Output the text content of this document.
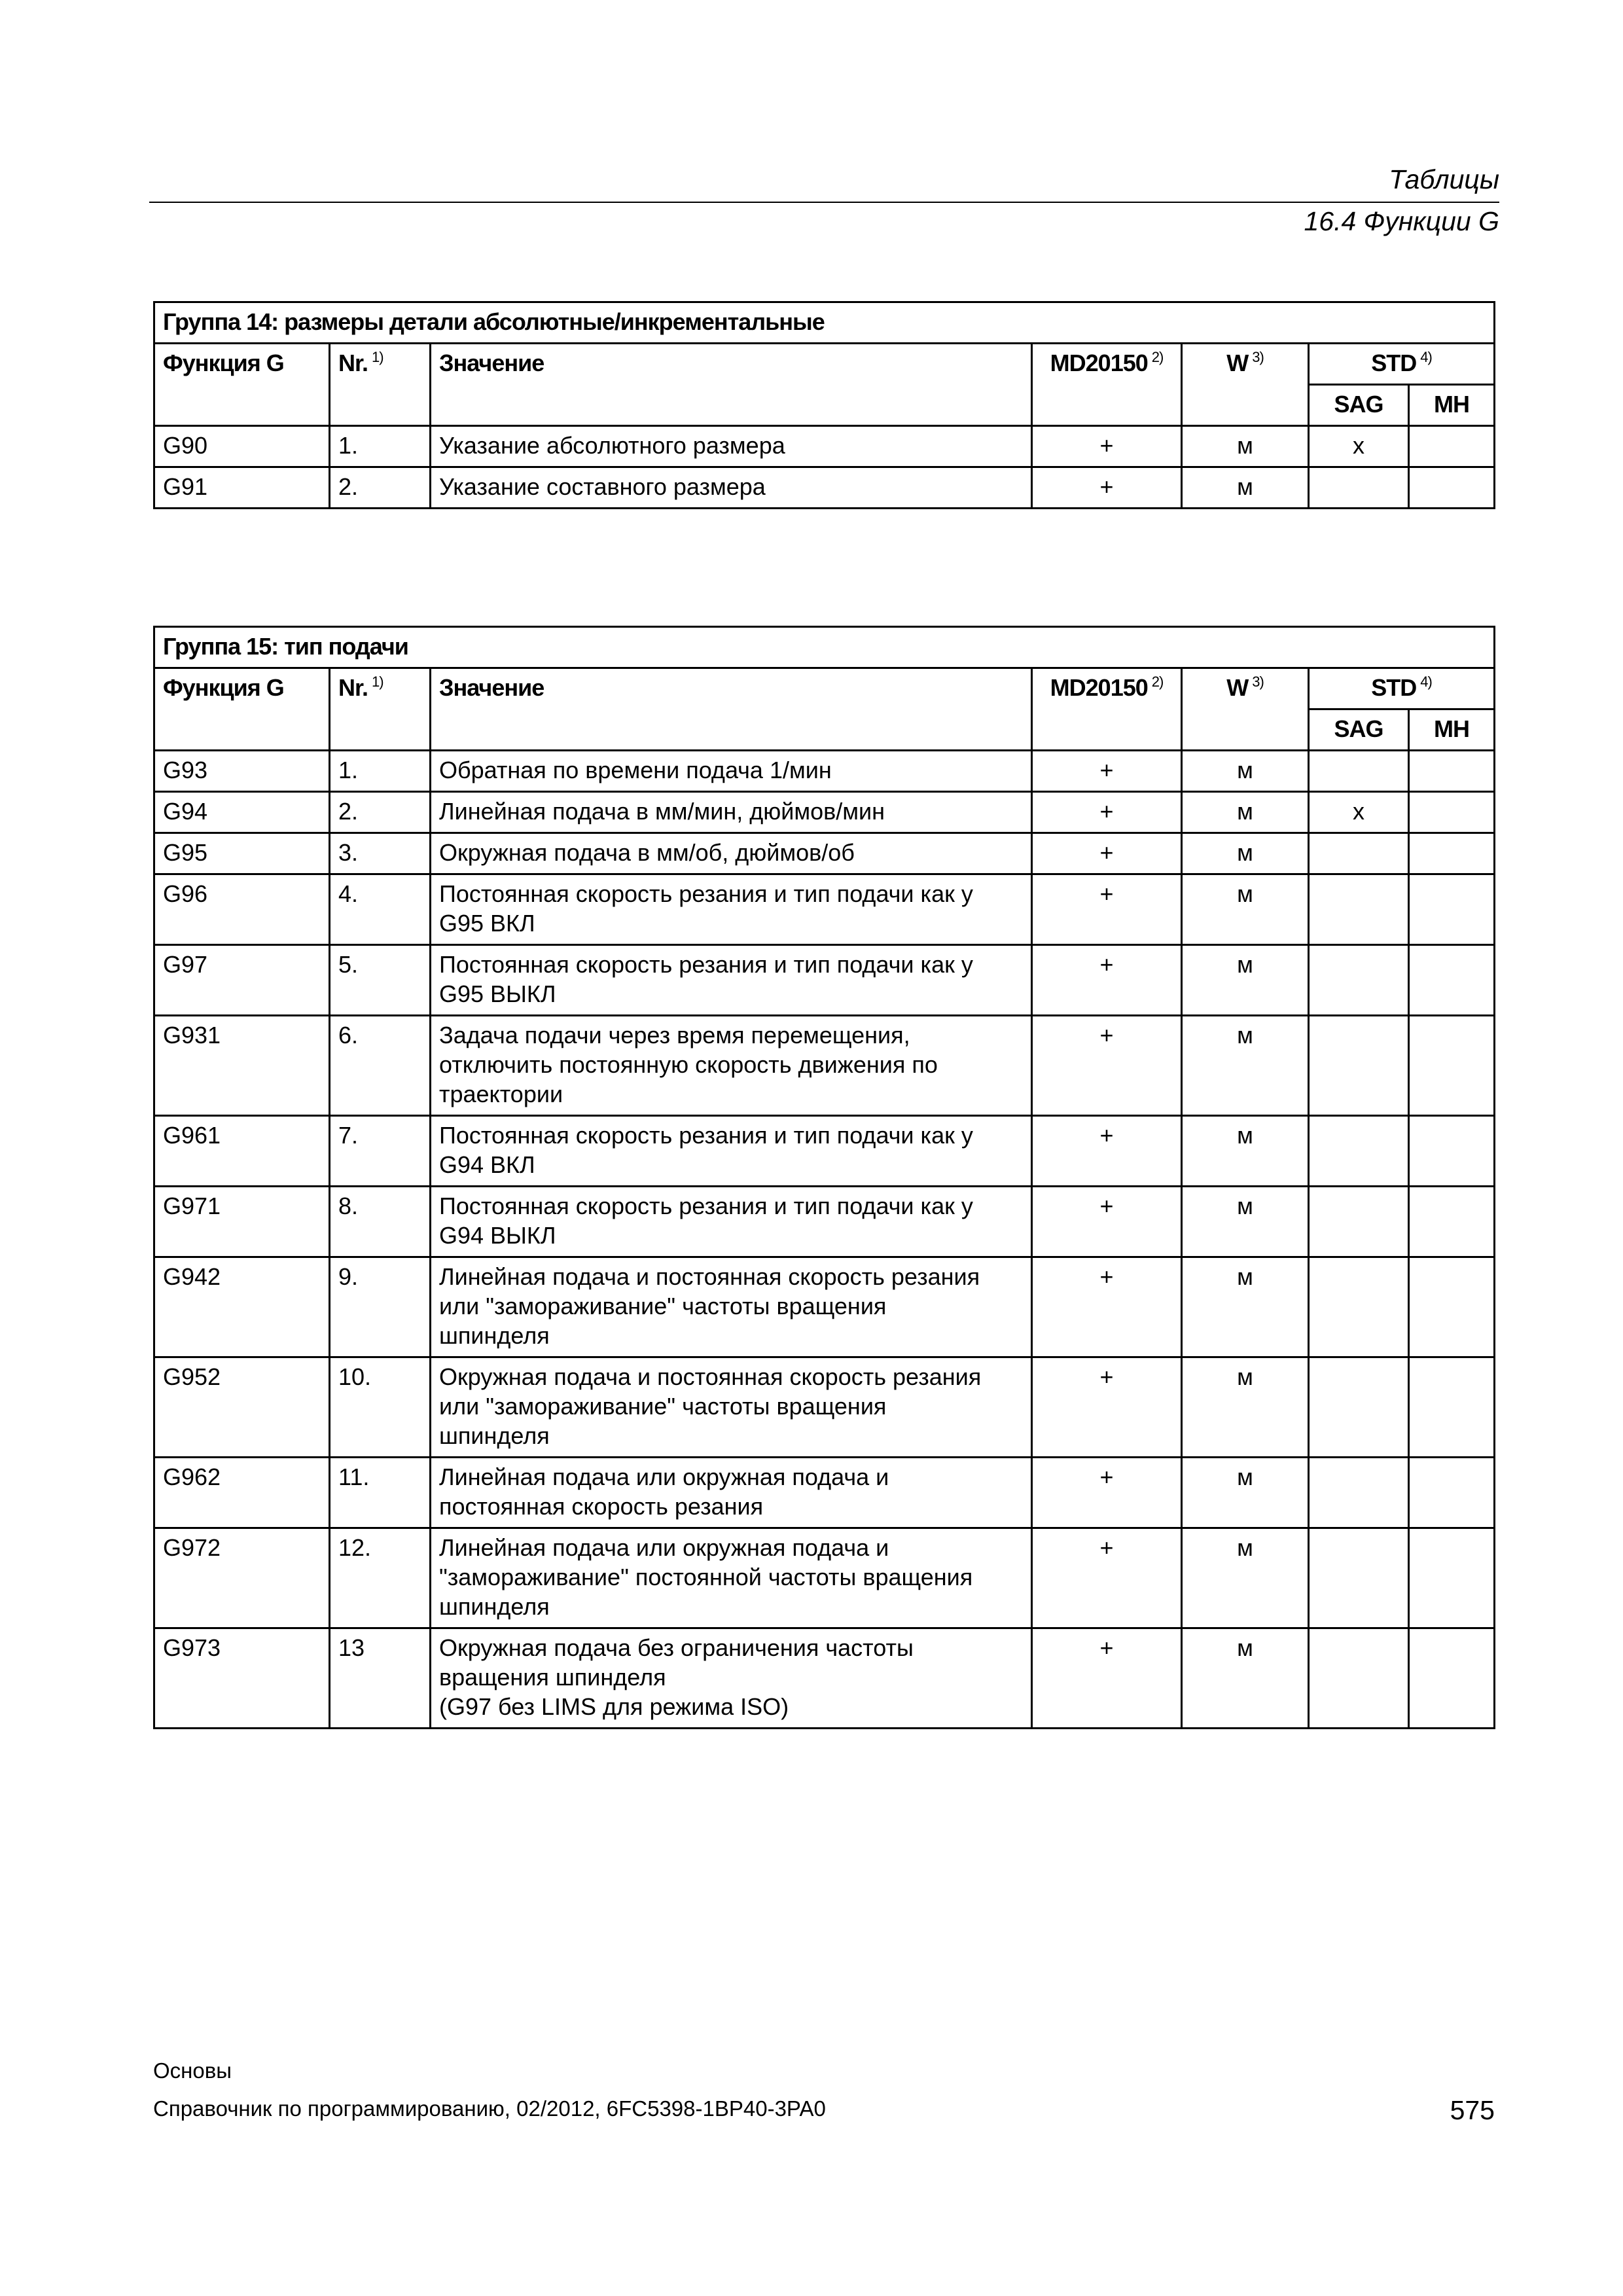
Таблицы
16.4 Функции G
Группа 14: размеры детали абсолютные/инкрементальные						
Функция G	Nr. $^{1)}$	Значение	MD20150 $^{2)}$	W $^{3)}$	STD $^{4)}$
					SAG	MH
G90	1.	Указание абсолютного размера	+	м	x	
G91	2.	Указание составного размера	+	м		
Группа 15: тип подачи						
Функция G	Nr. $^{1)}$	Значение	MD20150 $^{2)}$	W $^{3)}$	STD $^{4)}$
					SAG	MH
G93	1.	Обратная по времени подача 1/мин	+	м		
G94	2.	Линейная подача в мм/мин, дюймов/мин	+	м	x	
G95	3.	Окружная подача в мм/об, дюймов/об	+	м		
G96	4.	Постоянная скорость резания и тип подачи как у
G95 ВКЛ	+	м		
G97	5.	Постоянная скорость резания и тип подачи как у
G95 ВЫКЛ	+	м		
G931	6.	Задача подачи через время перемещения,
отключить постоянную скорость движения по
траектории	+	м		
G961	7.	Постоянная скорость резания и тип подачи как у
G94 ВКЛ	+	м		
G971	8.	Постоянная скорость резания и тип подачи как у
G94 ВЫКЛ	+	м		
G942	9.	Линейная подача и постоянная скорость резания
или "замораживание" частоты вращения
шпинделя	+	м		
G952	10.	Окружная подача и постоянная скорость резания
или "замораживание" частоты вращения
шпинделя	+	м		
G962	11.	Линейная подача или окружная подача и
постоянная скорость резания	+	м		
G972	12.	Линейная подача или окружная подача и
"замораживание" постоянной частоты вращения
шпинделя	+	м		
G973	13	Окружная подача без ограничения частоты
вращения шпинделя
(G97 без LIMS для режима ISO)	+	м		
Основы
Справочник по программированию, 02/2012, 6FC5398-1BP40-3PA0	575
